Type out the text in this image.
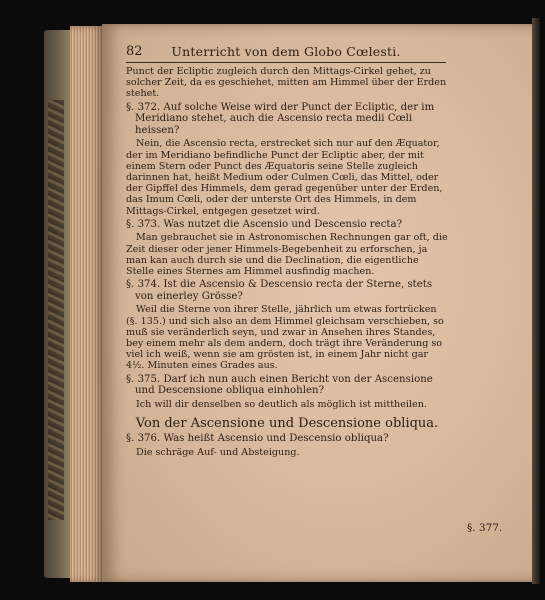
82	Unterricht von dem Globo Cœlesti.

Punct der Ecliptic zugleich durch den Mittags-Cirkel gehet, zu solcher Zeit, da es geschiehet, mitten am Himmel über der Erden stehet.

§. 372. Auf solche Weise wird der Punct der Ecliptic, der im Meridiano stehet, auch die Ascensio recta medii Cœli heissen?

Nein, die Ascensio recta, erstrecket sich nur auf den Æquator, der im Meridiano befindliche Punct der Ecliptic aber, der mit einem Stern oder Punct des Æquatoris seine Stelle zugleich darinnen hat, heißt Medium oder Culmen Cœli, das Mittel, oder der Gipffel des Himmels, dem gerad gegenüber unter der Erden, das Imum Cœli, oder der unterste Ort des Himmels, in dem Mittags-Cirkel, entgegen gesetzet wird.

§. 373. Was nutzet die Ascensio und Descensio recta?

Man gebrauchet sie in Astronomischen Rechnungen gar oft, die Zeit dieser oder jener Himmels-Begebenheit zu erforschen, ja man kan auch durch sie und die Declination, die eigentliche Stelle eines Sternes am Himmel ausfindig machen.

§. 374. Ist die Ascensio & Descensio recta der Sterne, stets von einerley Grösse?

Weil die Sterne von ihrer Stelle, jährlich um etwas fortrücken (§. 135.) und sich also an dem Himmel gleichsam verschieben, so muß sie veränderlich seyn, und zwar in Ansehen ihres Standes, bey einem mehr als dem andern, doch trägt ihre Veränderung so viel ich weiß, wenn sie am grösten ist, in einem Jahr nicht gar 4½. Minuten eines Grades aus.

§. 375. Darf ich nun auch einen Bericht von der Ascensione und Descensione obliqua einhohlen?

Ich will dir denselben so deutlich als möglich ist mittheilen.

Von der Ascensione und Descensione obliqua.

§. 376. Was heißt Ascensio und Descensio obliqua?

Die schräge Auf- und Absteigung.

§. 377.
